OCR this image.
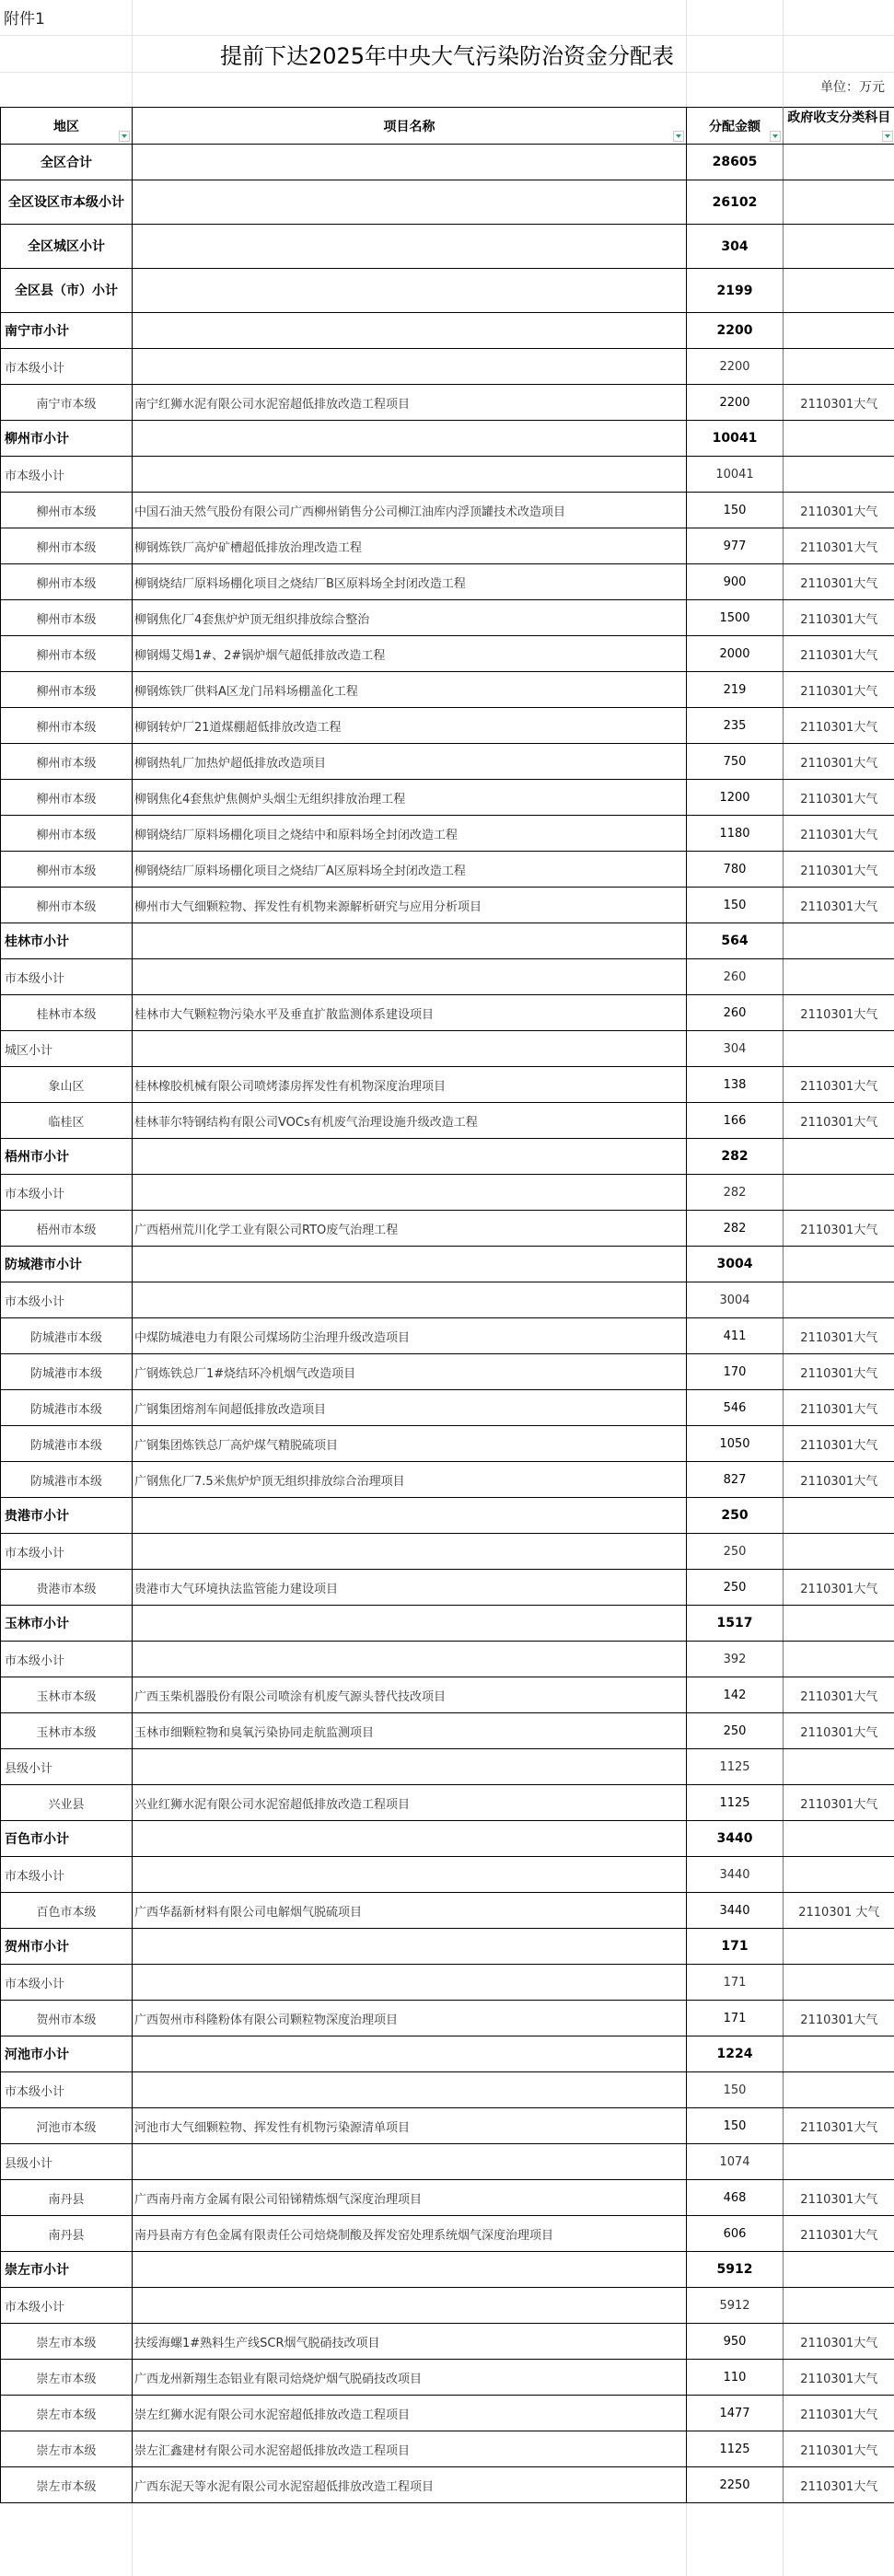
附件1
提前下达2025年中央大气污染防治资金分配表
单位：万元
地区	项目名称	分配金额	政府收支分类科目

全区合计		28605	
全区设区市本级小计		26102	
全区城区小计		304	
全区县（市）小计		2199	
南宁市小计		2200	
市本级小计		2200	
南宁市本级	南宁红狮水泥有限公司水泥窑超低排放改造工程项目	2200	2110301大气
柳州市小计		10041	
市本级小计		10041	
柳州市本级	中国石油天然气股份有限公司广西柳州销售分公司柳江油库内浮顶罐技术改造项目	150	2110301大气
柳州市本级	柳钢炼铁厂高炉矿槽超低排放治理改造工程	977	2110301大气
柳州市本级	柳钢烧结厂原料场棚化项目之烧结厂B区原料场全封闭改造工程	900	2110301大气
柳州市本级	柳钢焦化厂4套焦炉炉顶无组织排放综合整治	1500	2110301大气
柳州市本级	柳钢煬艾煬1#、2#锅炉烟气超低排放改造工程	2000	2110301大气
柳州市本级	柳钢炼铁厂供料A区龙门吊料场棚盖化工程	219	2110301大气
柳州市本级	柳钢转炉厂21道煤棚超低排放改造工程	235	2110301大气
柳州市本级	柳钢热轧厂加热炉超低排放改造项目	750	2110301大气
柳州市本级	柳钢焦化4套焦炉焦侧炉头烟尘无组织排放治理工程	1200	2110301大气
柳州市本级	柳钢烧结厂原料场棚化项目之烧结中和原料场全封闭改造工程	1180	2110301大气
柳州市本级	柳钢烧结厂原料场棚化项目之烧结厂A区原料场全封闭改造工程	780	2110301大气
柳州市本级	柳州市大气细颗粒物、挥发性有机物来源解析研究与应用分析项目	150	2110301大气
桂林市小计		564	
市本级小计		260	
桂林市本级	桂林市大气颗粒物污染水平及垂直扩散监测体系建设项目	260	2110301大气
城区小计		304	
象山区	桂林橡胶机械有限公司喷烤漆房挥发性有机物深度治理项目	138	2110301大气
临桂区	桂林菲尔特钢结构有限公司VOCs有机废气治理设施升级改造工程	166	2110301大气
梧州市小计		282	
市本级小计		282	
梧州市本级	广西梧州荒川化学工业有限公司RTO废气治理工程	282	2110301大气
防城港市小计		3004	
市本级小计		3004	
防城港市本级	中煤防城港电力有限公司煤场防尘治理升级改造项目	411	2110301大气
防城港市本级	广钢炼铁总厂1#烧结环冷机烟气改造项目	170	2110301大气
防城港市本级	广钢集团熔剂车间超低排放改造项目	546	2110301大气
防城港市本级	广钢集团炼铁总厂高炉煤气精脱硫项目	1050	2110301大气
防城港市本级	广钢焦化厂7.5米焦炉炉顶无组织排放综合治理项目	827	2110301大气
贵港市小计		250	
市本级小计		250	
贵港市本级	贵港市大气环境执法监管能力建设项目	250	2110301大气
玉林市小计		1517	
市本级小计		392	
玉林市本级	广西玉柴机器股份有限公司喷涂有机废气源头替代技改项目	142	2110301大气
玉林市本级	玉林市细颗粒物和臭氧污染协同走航监测项目	250	2110301大气
县级小计		1125	
兴业县	兴业红狮水泥有限公司水泥窑超低排放改造工程项目	1125	2110301大气
百色市小计		3440	
市本级小计		3440	
百色市本级	广西华磊新材料有限公司电解烟气脱硫项目	3440	2110301 大气
贺州市小计		171	
市本级小计		171	
贺州市本级	广西贺州市科隆粉体有限公司颗粒物深度治理项目	171	2110301大气
河池市小计		1224	
市本级小计		150	
河池市本级	河池市大气细颗粒物、挥发性有机物污染源清单项目	150	2110301大气
县级小计		1074	
南丹县	广西南丹南方金属有限公司铅锑精炼烟气深度治理项目	468	2110301大气
南丹县	南丹县南方有色金属有限责任公司焙烧制酸及挥发窑处理系统烟气深度治理项目	606	2110301大气
崇左市小计		5912	
市本级小计		5912	
崇左市本级	扶绥海螺1#熟料生产线SCR烟气脱硝技改项目	950	2110301大气
崇左市本级	广西龙州新翔生态铝业有限司焙烧炉烟气脱硝技改项目	110	2110301大气
崇左市本级	崇左红狮水泥有限公司水泥窑超低排放改造工程项目	1477	2110301大气
崇左市本级	崇左汇鑫建材有限公司水泥窑超低排放改造工程项目	1125	2110301大气
崇左市本级	广西东泥天等水泥有限公司水泥窑超低排放改造工程项目	2250	2110301大气
